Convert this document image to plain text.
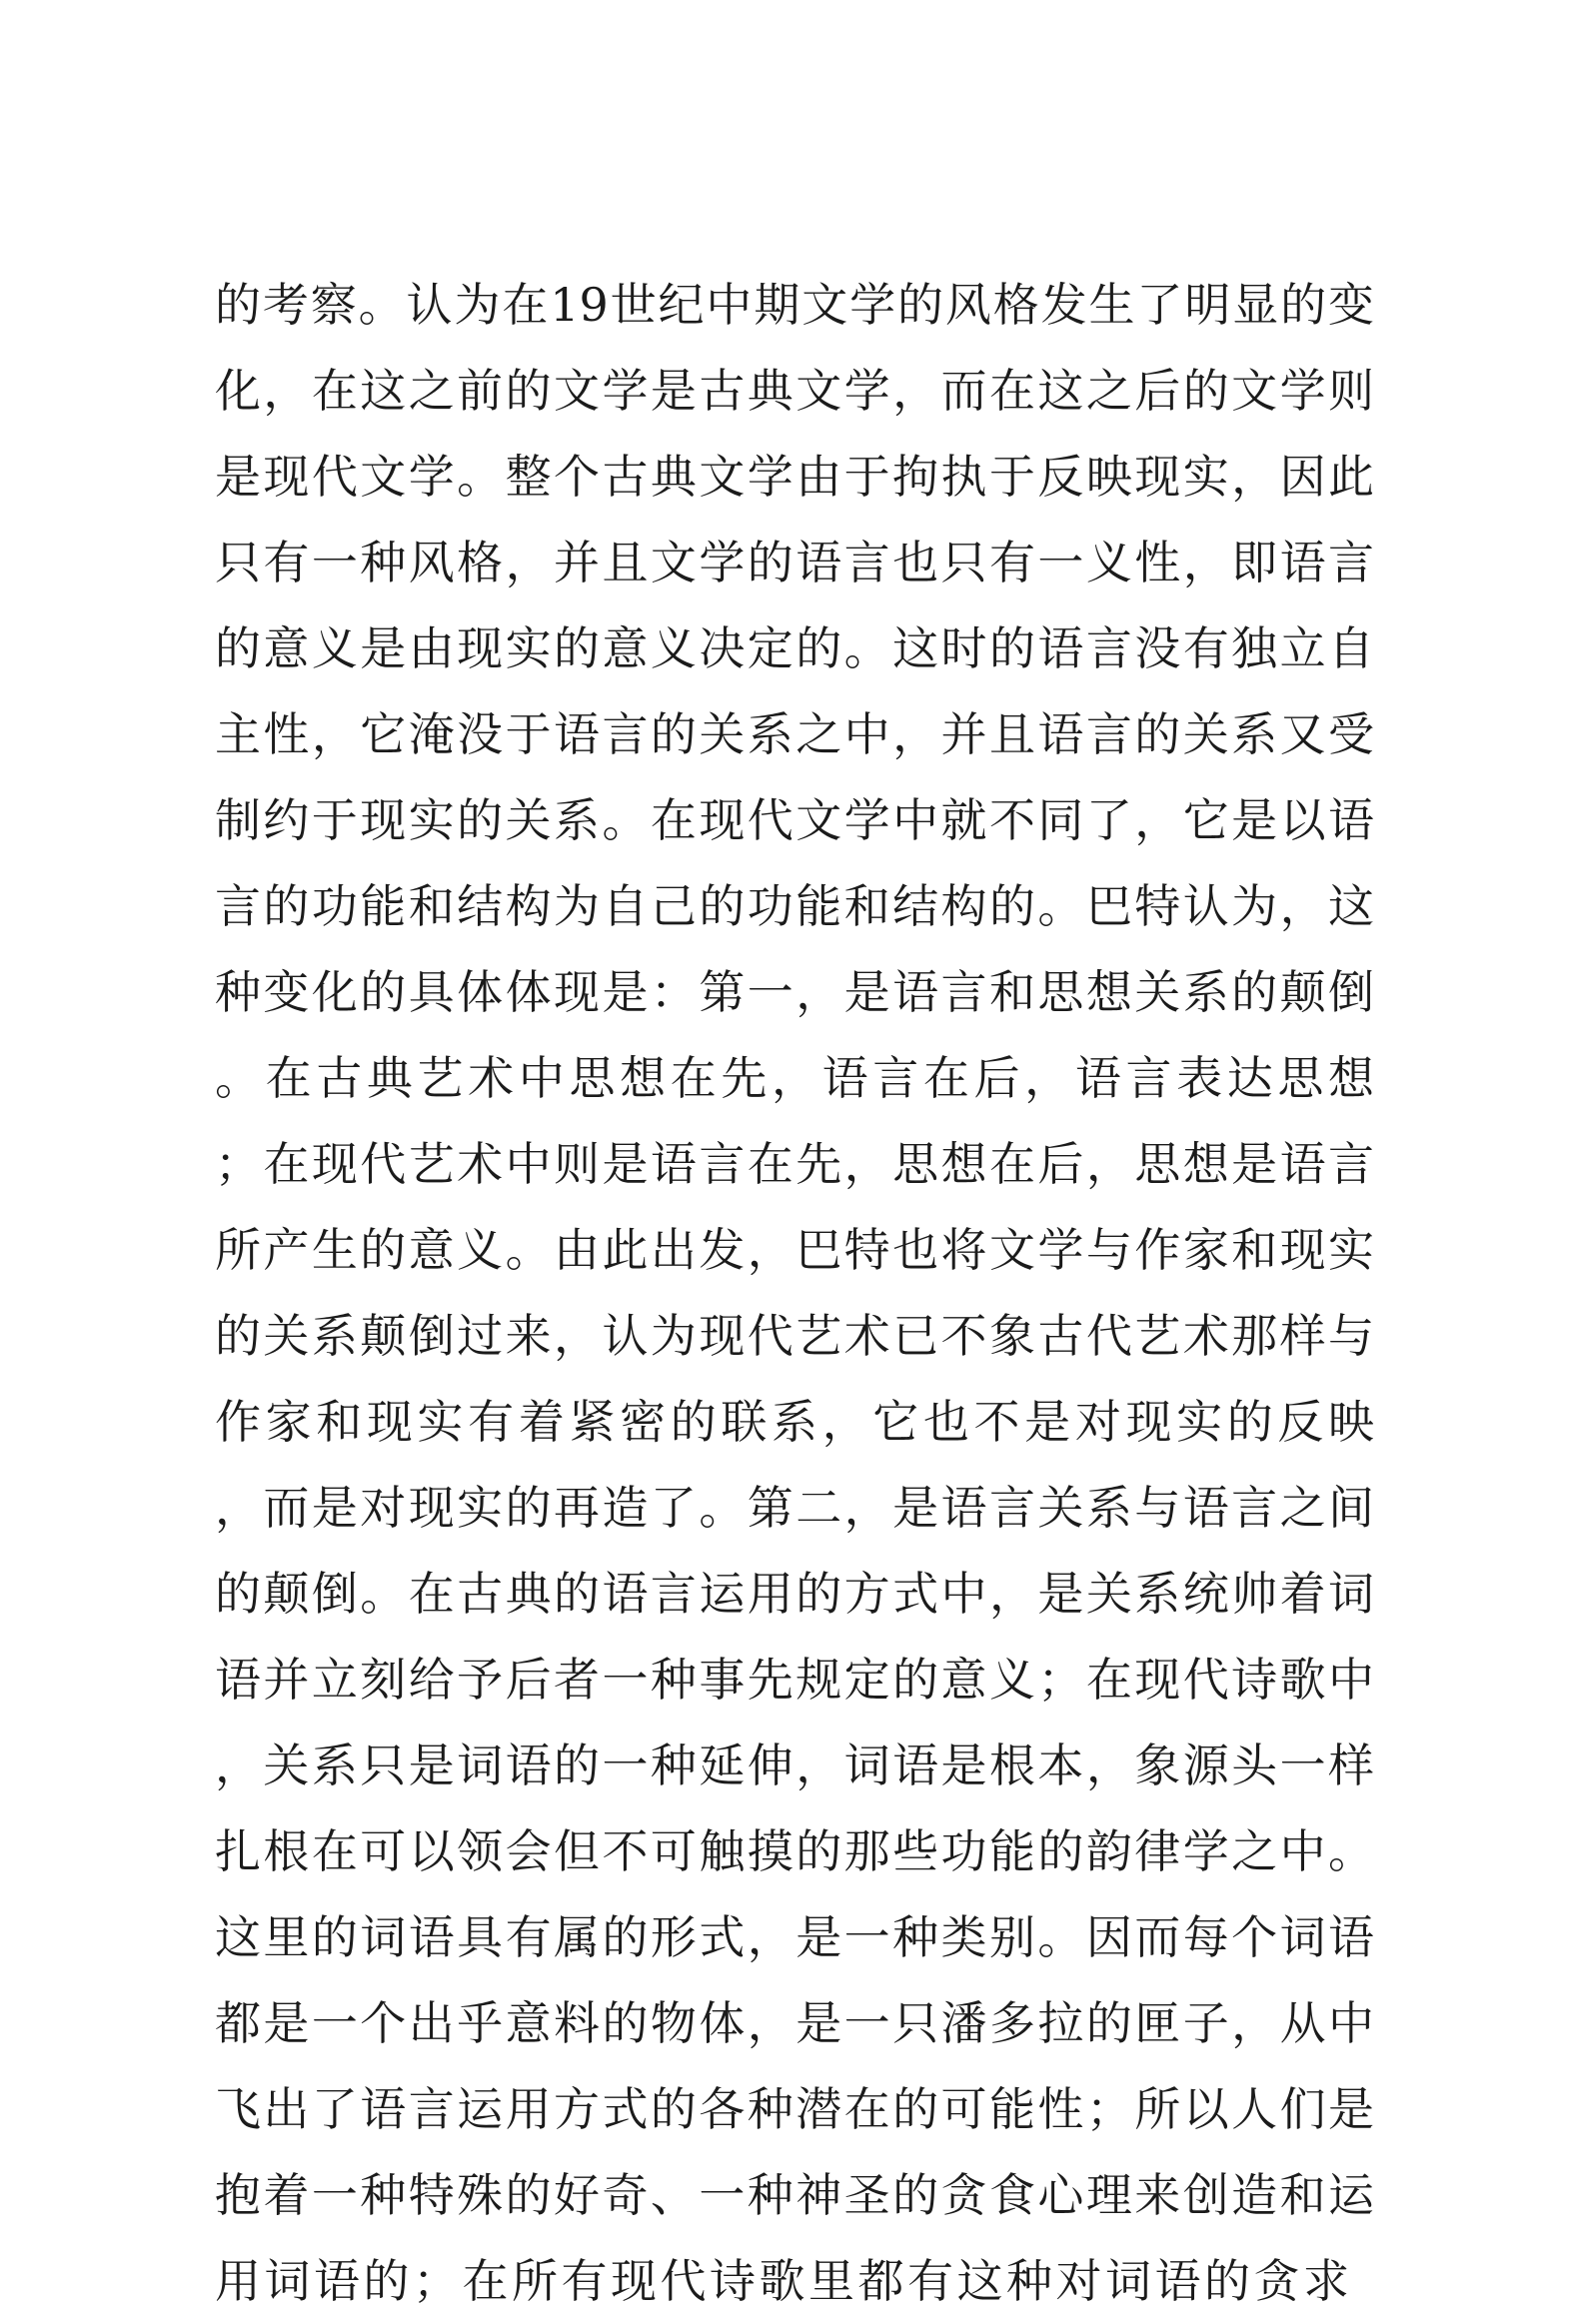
的考察。认为在19世纪中期文学的风格发生了明显的变
化，在这之前的文学是古典文学，而在这之后的文学则
是现代文学。整个古典文学由于拘执于反映现实，因此
只有一种风格，并且文学的语言也只有一义性，即语言
的意义是由现实的意义决定的。这时的语言没有独立自
主性，它淹没于语言的关系之中，并且语言的关系又受
制约于现实的关系。在现代文学中就不同了，它是以语
言的功能和结构为自己的功能和结构的。巴特认为，这
种变化的具体体现是：第一，是语言和思想关系的颠倒
。在古典艺术中思想在先，语言在后，语言表达思想
；在现代艺术中则是语言在先，思想在后，思想是语言
所产生的意义。由此出发，巴特也将文学与作家和现实
的关系颠倒过来，认为现代艺术已不象古代艺术那样与
作家和现实有着紧密的联系，它也不是对现实的反映
，而是对现实的再造了。第二，是语言关系与语言之间
的颠倒。在古典的语言运用的方式中，是关系统帅着词
语并立刻给予后者一种事先规定的意义；在现代诗歌中
，关系只是词语的一种延伸，词语是根本，象源头一样
扎根在可以领会但不可触摸的那些功能的韵律学之中。
这里的词语具有属的形式，是一种类别。因而每个词语
都是一个出乎意料的物体，是一只潘多拉的匣子，从中
飞出了语言运用方式的各种潜在的可能性；所以人们是
抱着一种特殊的好奇、一种神圣的贪食心理来创造和运
用词语的；在所有现代诗歌里都有这种对词语的贪求
